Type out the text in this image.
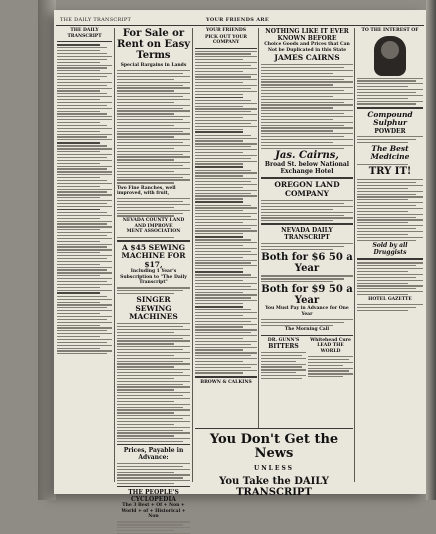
THE DAILY TRANSCRIPT	YOUR FRIENDS ARE
THE DAILY TRANSCRIPT	For Sale or Rent on Easy Terms
Special Bargains in Lands
Two Fine Ranches, well improved, with fruit,
NEVADA COUNTY LAND AND IMPROVE
MENT ASSOCIATION
A $45 SEWING MACHINE FOR $17,
Including 1 Year's Subscription to "The Daily Transcript"
SINGER SEWING MACHINES
Prices, Payable in Advance:
THE PEOPLE'S CYCLOPEDIA
The 3 Best + Of + Non + World + of + Historical + Non
YOUR FRIENDS
PICK OUT YOUR COMPANY
BROWN & CALKINS
NOTHING LIKE IT EVER KNOWN BEFORE
Choice Goods and Prices that Can Not be Duplicated in this State
JAMES CAIRNS
Jas. Cairns,
Broad St. below National Exchange Hotel
OREGON LAND COMPANY
NEVADA DAILY TRANSCRIPT
Both for $6 50 a Year
Both for $9 50 a Year
You Must Pay in Advance for One Year
The Morning Call
DR. GUNN'S
BITTERS
Whitehead Cure
LEAD THE WORLD
TO THE INTEREST OF
Compound Sulphur
POWDER
The Best Medicine
TRY IT!
Sold by all Druggists
HOTEL GAZETTE
You Don't Get the News
UNLESS
You Take the DAILY TRANSCRIPT
